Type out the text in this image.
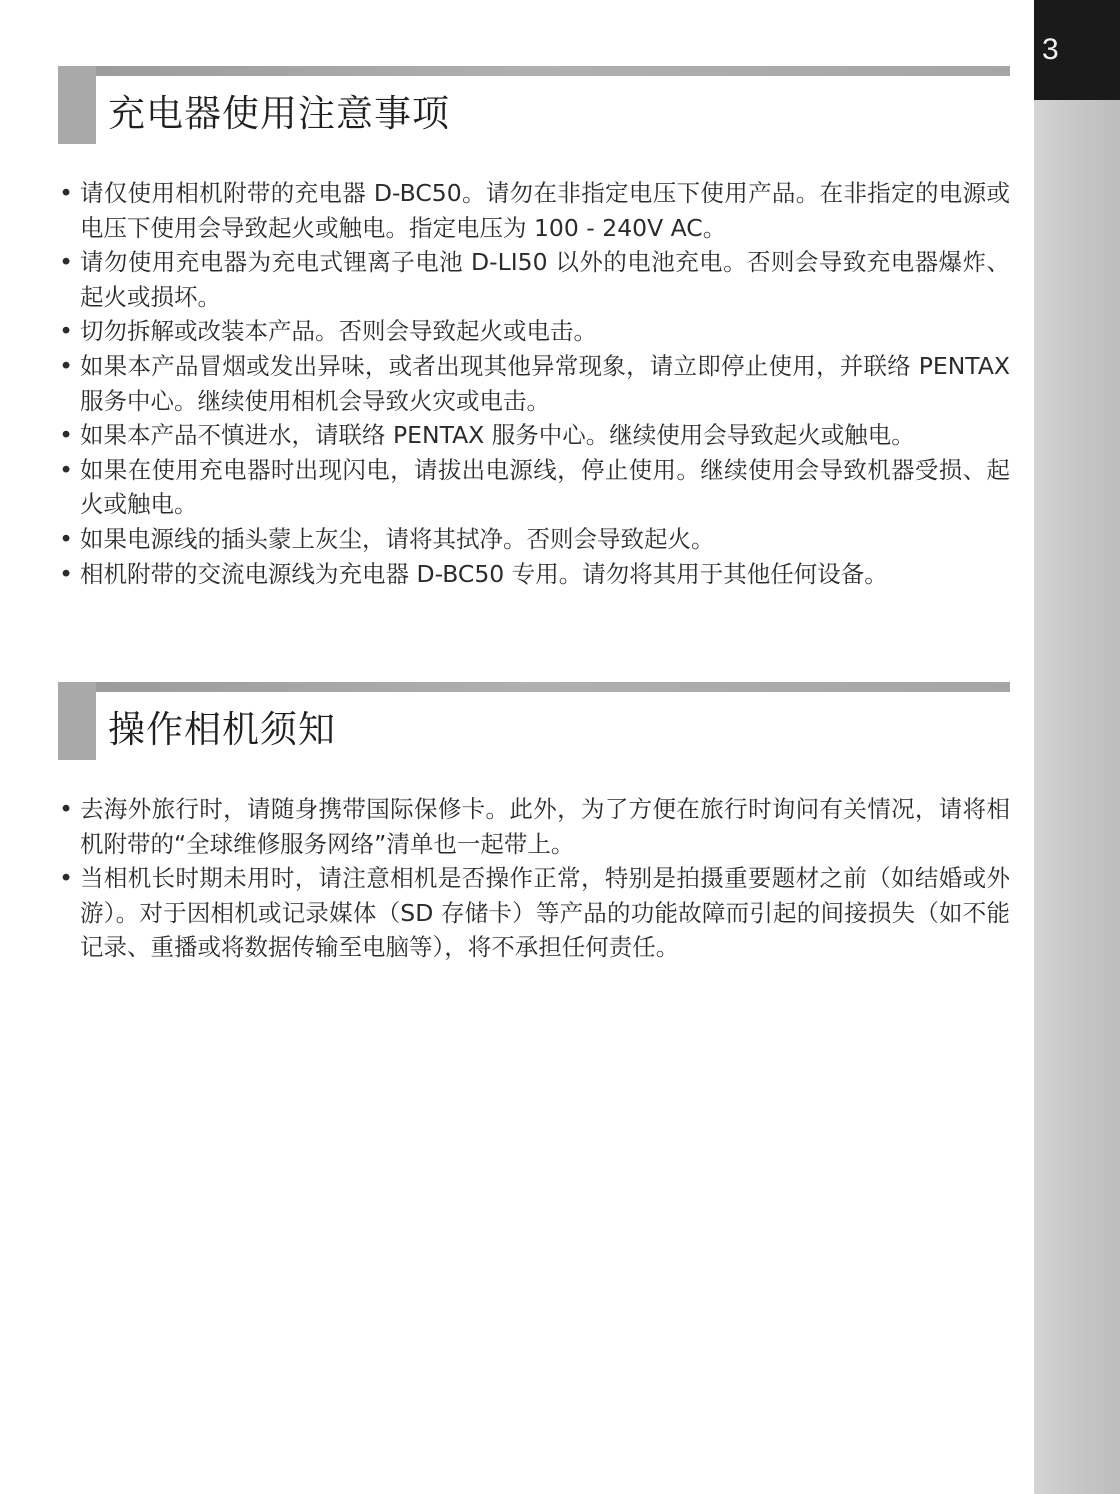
3
充电器使用注意事项
• 请仅使用相机附带的充电器 D-BC50。请勿在非指定电压下使用产品。在非指定的电源或电压下使用会导致起火或触电。指定电压为 100 - 240V AC。
• 请勿使用充电器为充电式锂离子电池 D-LI50 以外的电池充电。否则会导致充电器爆炸、起火或损坏。
• 切勿拆解或改装本产品。否则会导致起火或电击。
• 如果本产品冒烟或发出异味，或者出现其他异常现象，请立即停止使用，并联络 PENTAX 服务中心。继续使用相机会导致火灾或电击。
• 如果本产品不慎进水，请联络 PENTAX 服务中心。继续使用会导致起火或触电。
• 如果在使用充电器时出现闪电，请拔出电源线，停止使用。继续使用会导致机器受损、起火或触电。
• 如果电源线的插头蒙上灰尘，请将其拭净。否则会导致起火。
• 相机附带的交流电源线为充电器 D-BC50 专用。请勿将其用于其他任何设备。
操作相机须知
• 去海外旅行时，请随身携带国际保修卡。此外，为了方便在旅行时询问有关情况，请将相机附带的“全球维修服务网络”清单也一起带上。
• 当相机长时期未用时，请注意相机是否操作正常，特别是拍摄重要题材之前（如结婚或外游）。对于因相机或记录媒体（SD 存储卡）等产品的功能故障而引起的间接损失（如不能记录、重播或将数据传输至电脑等），将不承担任何责任。
